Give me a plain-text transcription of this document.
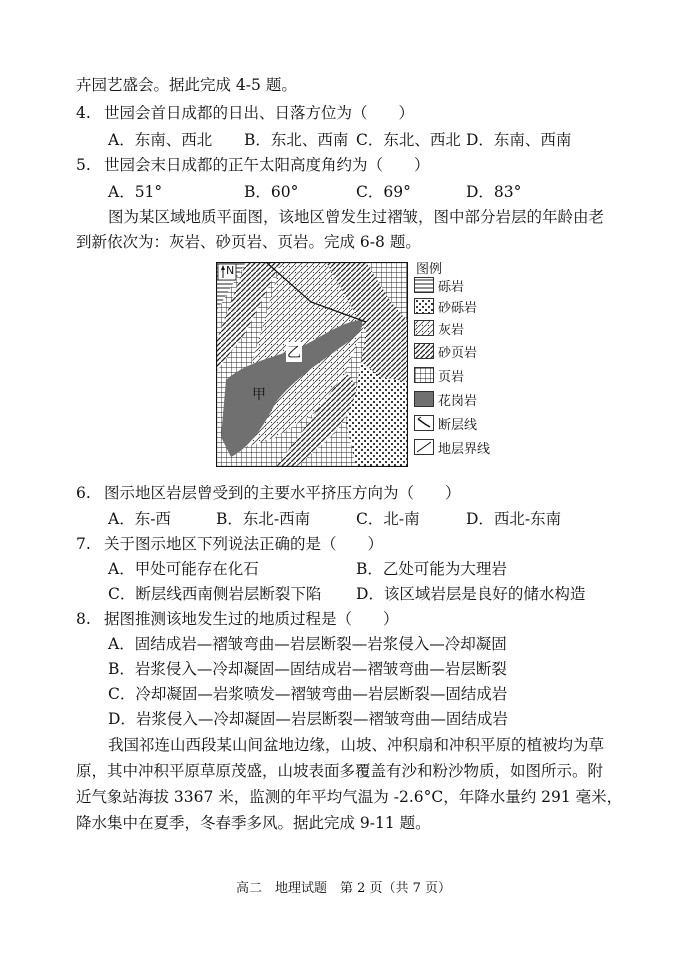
卉园艺盛会。据此完成 4-5 题。
4. 世园会首日成都的日出、日落方位为（　　）
A．东南、西北 B．东北、西南 C．东北、西北 D．东南、西南
5. 世园会末日成都的正午太阳高度角约为（　　）
A．51°	B．60°	C．69°	D．83°
图为某区域地质平面图，该地区曾发生过褶皱，图中部分岩层的年龄由老
到新依次为：灰岩、砂页岩、页岩。完成 6-8 题。
N
乙
甲
图例
砾岩
砂砾岩
灰岩
砂页岩
页岩
花岗岩
断层线
地层界线
6. 图示地区岩层曾受到的主要水平挤压方向为（　　）
A．东-西	B．东北-西南	C．北-南	D．西北-东南
7. 关于图示地区下列说法正确的是（　　）
A．甲处可能存在化石	B．乙处可能为大理岩
C．断层线西南侧岩层断裂下陷 D．该区域岩层是良好的储水构造
8. 据图推测该地发生过的地质过程是（　　）
A．固结成岩—褶皱弯曲—岩层断裂—岩浆侵入—冷却凝固
B．岩浆侵入—冷却凝固—固结成岩—褶皱弯曲—岩层断裂
C．冷却凝固—岩浆喷发—褶皱弯曲—岩层断裂—固结成岩
D．岩浆侵入—冷却凝固—岩层断裂—褶皱弯曲—固结成岩
我国祁连山西段某山间盆地边缘，山坡、冲积扇和冲积平原的植被均为草
原，其中冲积平原草原茂盛，山坡表面多覆盖有沙和粉沙物质，如图所示。附
近气象站海拔 3367 米，监测的年平均气温为 -2.6°C，年降水量约 291 毫米，
降水集中在夏季，冬春季多风。据此完成 9-11 题。
高二　地理试题　第 2 页（共 7 页）
